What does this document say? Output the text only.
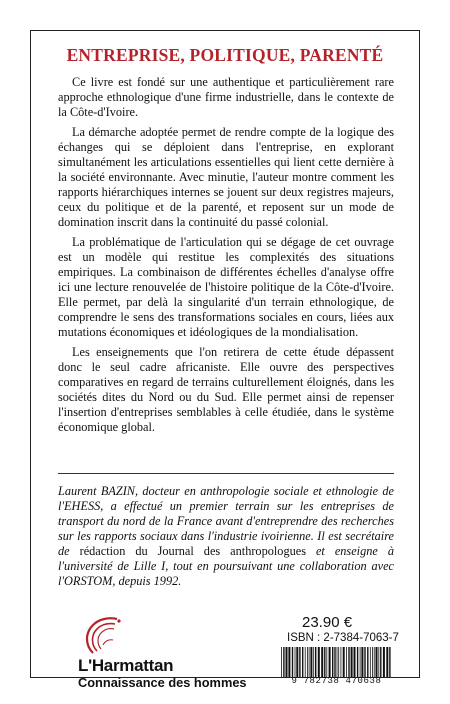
ENTREPRISE, POLITIQUE, PARENTÉ

Ce livre est fondé sur une authentique et particulièrement rare approche ethnologique d'une firme industrielle, dans le contexte de la Côte-d'Ivoire.

La démarche adoptée permet de rendre compte de la logique des échanges qui se déploient dans l'entreprise, en explorant simultanément les articulations essentielles qui lient cette dernière à la société environnante. Avec minutie, l'auteur montre comment les rapports hiérarchiques internes se jouent sur deux registres majeurs, ceux du politique et de la parenté, et reposent sur un mode de domination inscrit dans la continuité du passé colonial.

La problématique de l'articulation qui se dégage de cet ouvrage est un modèle qui restitue les complexités des situations empiriques. La combinaison de différentes échelles d'analyse offre ici une lecture renouvelée de l'histoire politique de la Côte-d'Ivoire. Elle permet, par delà la singularité d'un terrain ethnologique, de comprendre le sens des transformations sociales en cours, liées aux mutations économiques et idéologiques de la mondialisation.

Les enseignements que l'on retirera de cette étude dépassent donc le seul cadre africaniste. Elle ouvre des perspectives comparatives en regard de terrains culturellement éloignés, dans les sociétés dites du Nord ou du Sud. Elle permet ainsi de repenser l'insertion d'entreprises semblables à celle étudiée, dans le système économique global.

Laurent BAZIN, docteur en anthropologie sociale et ethnologie de l'EHESS, a effectué un premier terrain sur les entreprises de transport du nord de la France avant d'entreprendre des recherches sur les rapports sociaux dans l'industrie ivoirienne. Il est secrétaire de rédaction du Journal des anthropologues et enseigne à l'université de Lille I, tout en poursuivant une collaboration avec l'ORSTOM, depuis 1992.
L'Harmattan
Connaissance des hommes
23.90 €
ISBN : 2-7384-7063-7
9 782738 470638
